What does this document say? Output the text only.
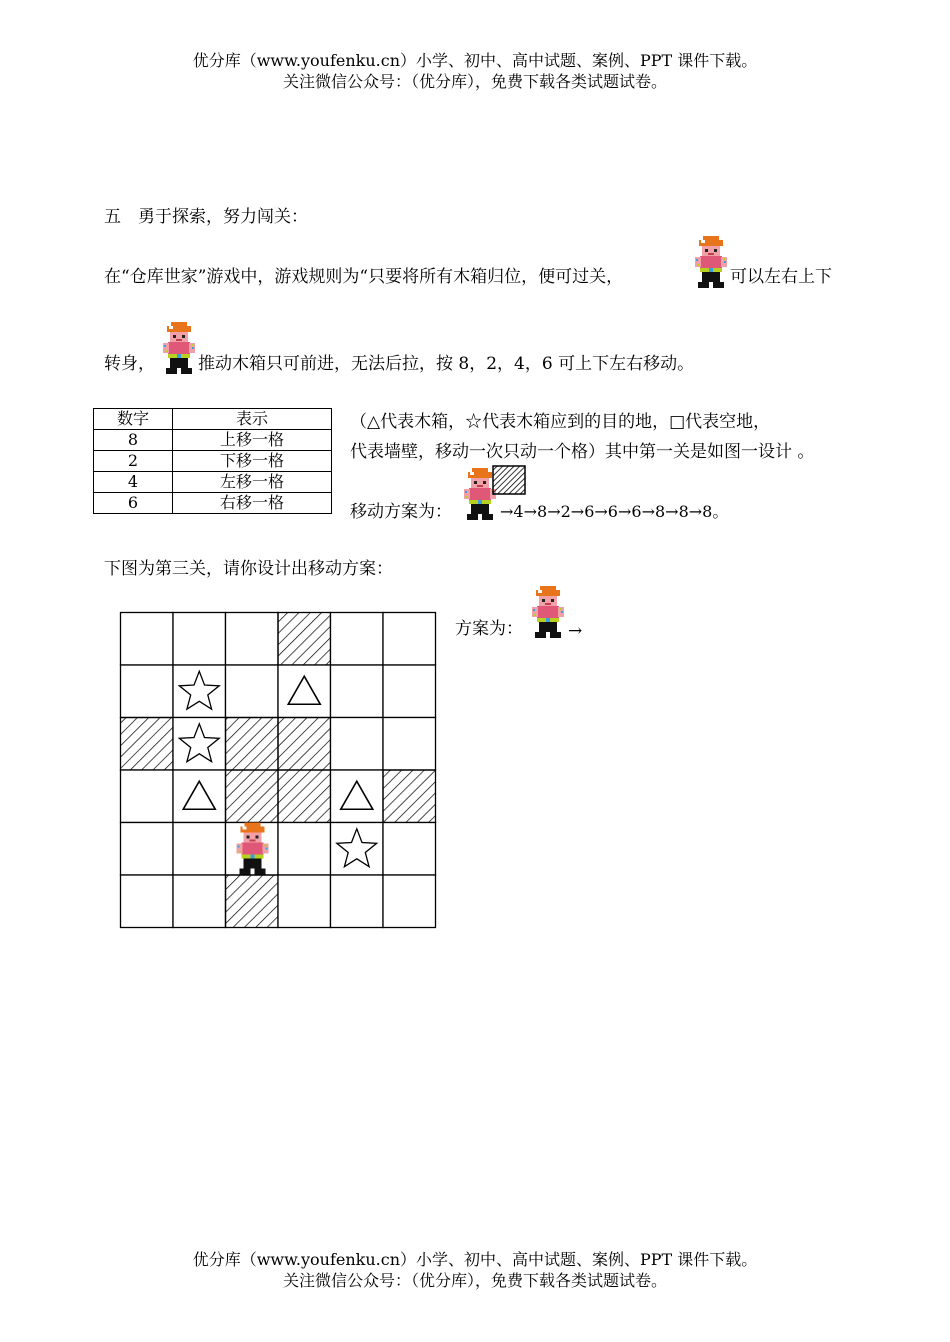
优分库（www.youfenku.cn）小学、初中、高中试题、案例、PPT 课件下载。
关注微信公众号：（优分库），免费下载各类试题试卷。
五　勇于探索，努力闯关：
在“仓库世家”游戏中，游戏规则为“只要将所有木箱归位，便可过关，	可以左右上下
转身，	推动木箱只可前进，无法后拉，按 8，2，4，6 可上下左右移动。
数字	表示
8	上移一格
2	下移一格
4	左移一格
6	右移一格
（△代表木箱，☆代表木箱应到的目的地，□代表空地，
代表墙壁，移动一次只动一个格）其中第一关是如图一设计 。
移动方案为：	→4→8→2→6→6→6→8→8→8。
下图为第三关，请你设计出移动方案：
方案为：	→
优分库（www.youfenku.cn）小学、初中、高中试题、案例、PPT 课件下载。
关注微信公众号：（优分库），免费下载各类试题试卷。
